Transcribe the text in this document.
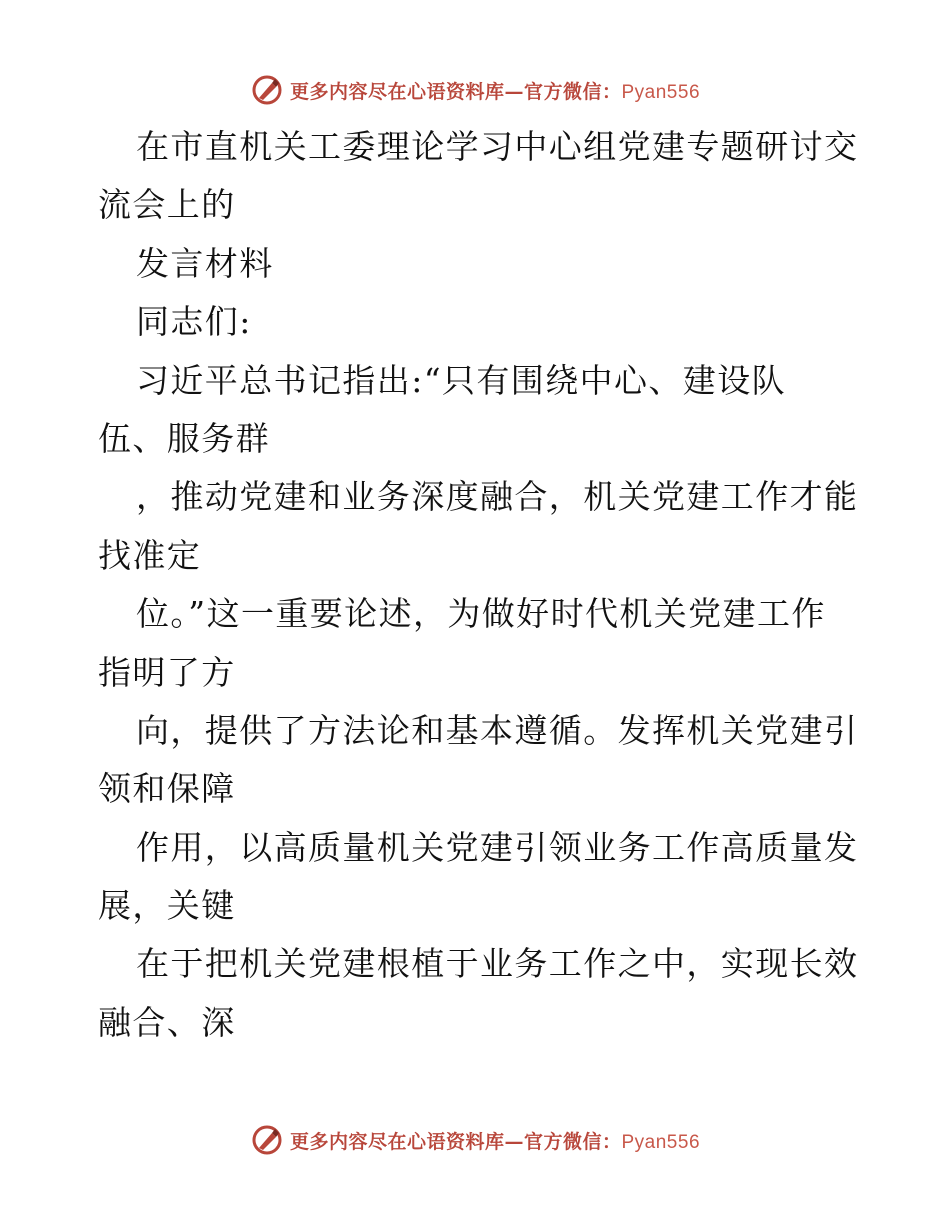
更多内容尽在心语资料库—官方微信：Pyan556
在市直机关工委理论学习中心组党建专题研讨交
流会上的
发言材料
同志们:
习近平总书记指出:“只有围绕中心、建设队
伍、服务群
，推动党建和业务深度融合，机关党建工作才能
找准定
位。”这一重要论述，为做好时代机关党建工作
指明了方
向，提供了方法论和基本遵循。发挥机关党建引
领和保障
作用，以高质量机关党建引领业务工作高质量发
展，关键
在于把机关党建根植于业务工作之中，实现长效
融合、深
更多内容尽在心语资料库—官方微信：Pyan556
